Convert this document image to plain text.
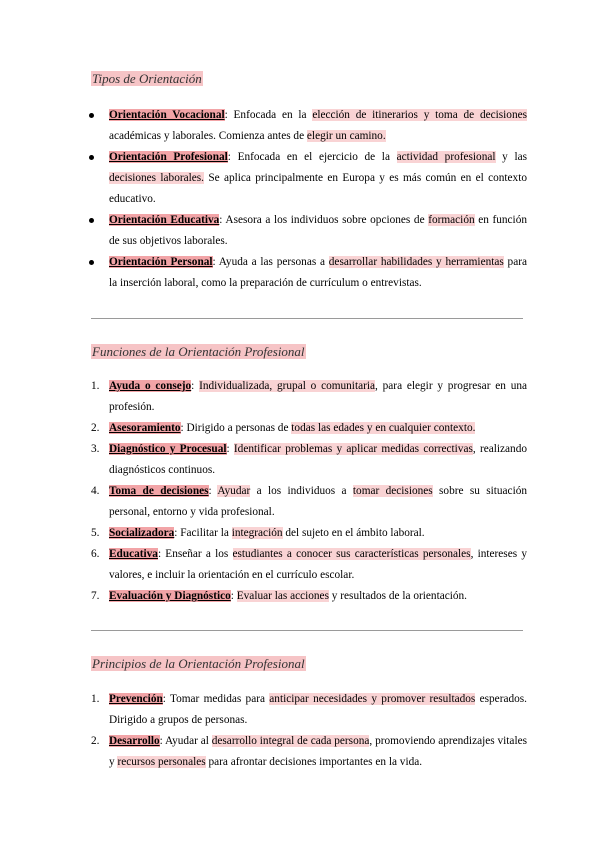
Tipos de Orientación
Orientación Vocacional: Enfocada en la elección de itinerarios y toma de decisiones académicas y laborales. Comienza antes de elegir un camino.
Orientación Profesional: Enfocada en el ejercicio de la actividad profesional y las decisiones laborales. Se aplica principalmente en Europa y es más común en el contexto educativo.
Orientación Educativa: Asesora a los individuos sobre opciones de formación en función de sus objetivos laborales.
Orientación Personal: Ayuda a las personas a desarrollar habilidades y herramientas para la inserción laboral, como la preparación de currículum o entrevistas.
Funciones de la Orientación Profesional
1. Ayuda o consejo: Individualizada, grupal o comunitaria, para elegir y progresar en una profesión.
2. Asesoramiento: Dirigido a personas de todas las edades y en cualquier contexto.
3. Diagnóstico y Procesual: Identificar problemas y aplicar medidas correctivas, realizando diagnósticos continuos.
4. Toma de decisiones: Ayudar a los individuos a tomar decisiones sobre su situación personal, entorno y vida profesional.
5. Socializadora: Facilitar la integración del sujeto en el ámbito laboral.
6. Educativa: Enseñar a los estudiantes a conocer sus características personales, intereses y valores, e incluir la orientación en el currículo escolar.
7. Evaluación y Diagnóstico: Evaluar las acciones y resultados de la orientación.
Principios de la Orientación Profesional
1. Prevención: Tomar medidas para anticipar necesidades y promover resultados esperados. Dirigido a grupos de personas.
2. Desarrollo: Ayudar al desarrollo integral de cada persona, promoviendo aprendizajes vitales y recursos personales para afrontar decisiones importantes en la vida.
